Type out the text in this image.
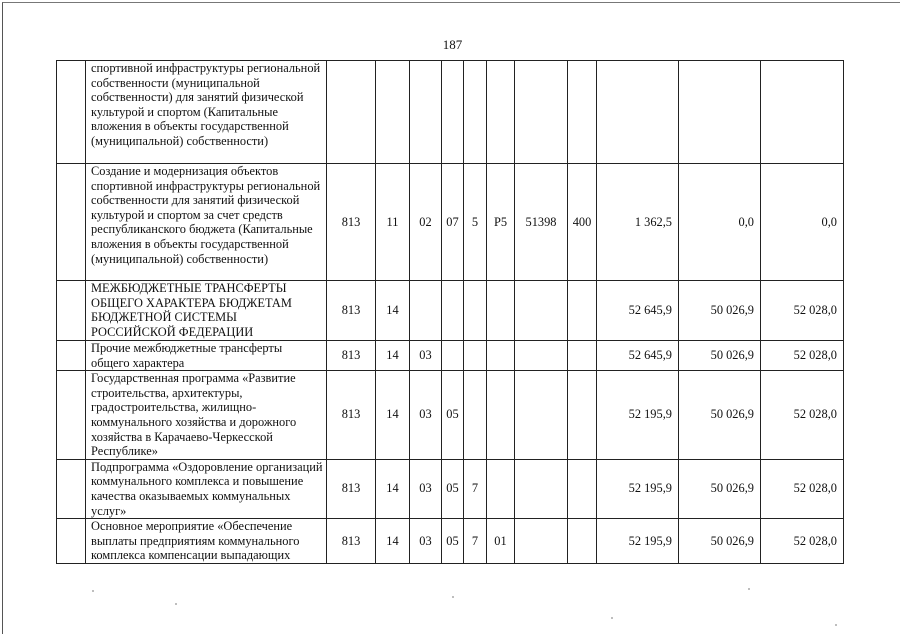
187
	спортивной инфраструктуры региональной собственности (муниципальной собственности) для занятий физической культурой и спортом (Капитальные вложения в объекты государственной (муниципальной) собственности)											
	Создание и модернизация объектов спортивной инфраструктуры региональной собственности для занятий физической культурой и спортом за счет средств республиканского бюджета (Капитальные вложения в объекты государственной (муниципальной) собственности)	813	11	02	07	5	P5	51398	400	1 362,5	0,0	0,0
	МЕЖБЮДЖЕТНЫЕ ТРАНСФЕРТЫ ОБЩЕГО ХАРАКТЕРА БЮДЖЕТАМ БЮДЖЕТНОЙ СИСТЕМЫ РОССИЙСКОЙ ФЕДЕРАЦИИ	813	14							52 645,9	50 026,9	52 028,0
	Прочие межбюджетные трансферты общего характера	813	14	03						52 645,9	50 026,9	52 028,0
	Государственная программа «Развитие строительства, архитектуры, градостроительства, жилищно-коммунального хозяйства и дорожного хозяйства в Карачаево-Черкесской Республике»	813	14	03	05					52 195,9	50 026,9	52 028,0
	Подпрограмма «Оздоровление организаций коммунального комплекса и повышение качества оказываемых коммунальных услуг»	813	14	03	05	7				52 195,9	50 026,9	52 028,0
	Основное мероприятие «Обеспечение выплаты предприятиям коммунального комплекса компенсации выпадающих	813	14	03	05	7	01			52 195,9	50 026,9	52 028,0
